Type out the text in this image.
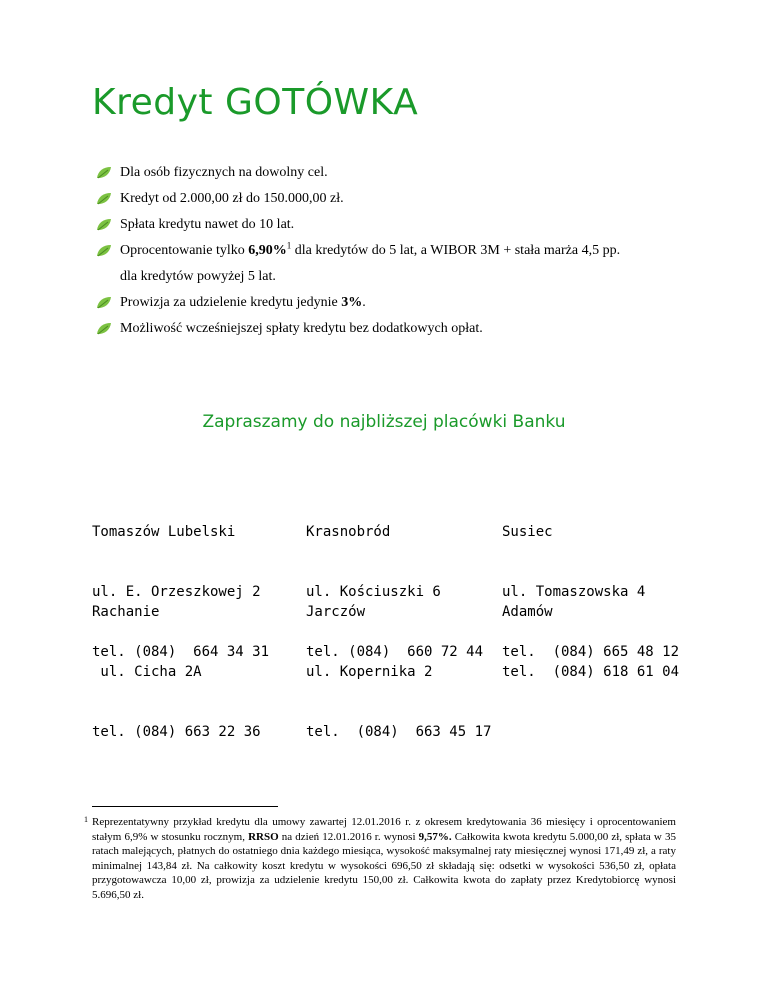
Kredyt GOTÓWKA
Dla osób fizycznych na dowolny cel.
Kredyt od 2.000,00 zł do 150.000,00 zł.
Spłata kredytu nawet do 10 lat.
Oprocentowanie tylko 6,90%$^1$ dla kredytów do 5 lat, a WIBOR 3M + stała marża 4,5 pp.
dla kredytów powyżej 5 lat.
Prowizja za udzielenie kredytu jedynie 3%.
Możliwość wcześniejszej spłaty kredytu bez dodatkowych opłat.
Zapraszamy do najbliższej placówki Banku

Tomaszów Lubelski

ul. E. Orzeszkowej 2

tel. (084)  664 34 31

Krasnobród

ul. Kościuszki 6

tel. (084)  660 72 44

Susiec

ul. Tomaszowska 4

tel.  (084) 665 48 12

Rachanie

ul. Cicha 2A

tel. (084) 663 22 36

Jarczów

ul. Kopernika 2

tel.  (084)  663 45 17

Adamów

tel.  (084) 618 61 04

1 Reprezentatywny przykład kredytu dla umowy zawartej 12.01.2016 r. z okresem kredytowania 36 miesięcy i oprocentowaniem stałym 6,9% w stosunku rocznym, RRSO na dzień 12.01.2016 r. wynosi 9,57%. Całkowita kwota kredytu 5.000,00 zł, spłata w 35 ratach malejących, płatnych do ostatniego dnia każdego miesiąca, wysokość maksymalnej raty miesięcznej wynosi 171,49 zł, a raty minimalnej 143,84 zł. Na całkowity koszt kredytu w wysokości 696,50 zł składają się: odsetki w wysokości 536,50 zł, opłata przygotowawcza 10,00 zł, prowizja za udzielenie kredytu 150,00 zł. Całkowita kwota do zapłaty przez Kredytobiorcę wynosi 5.696,50 zł.
